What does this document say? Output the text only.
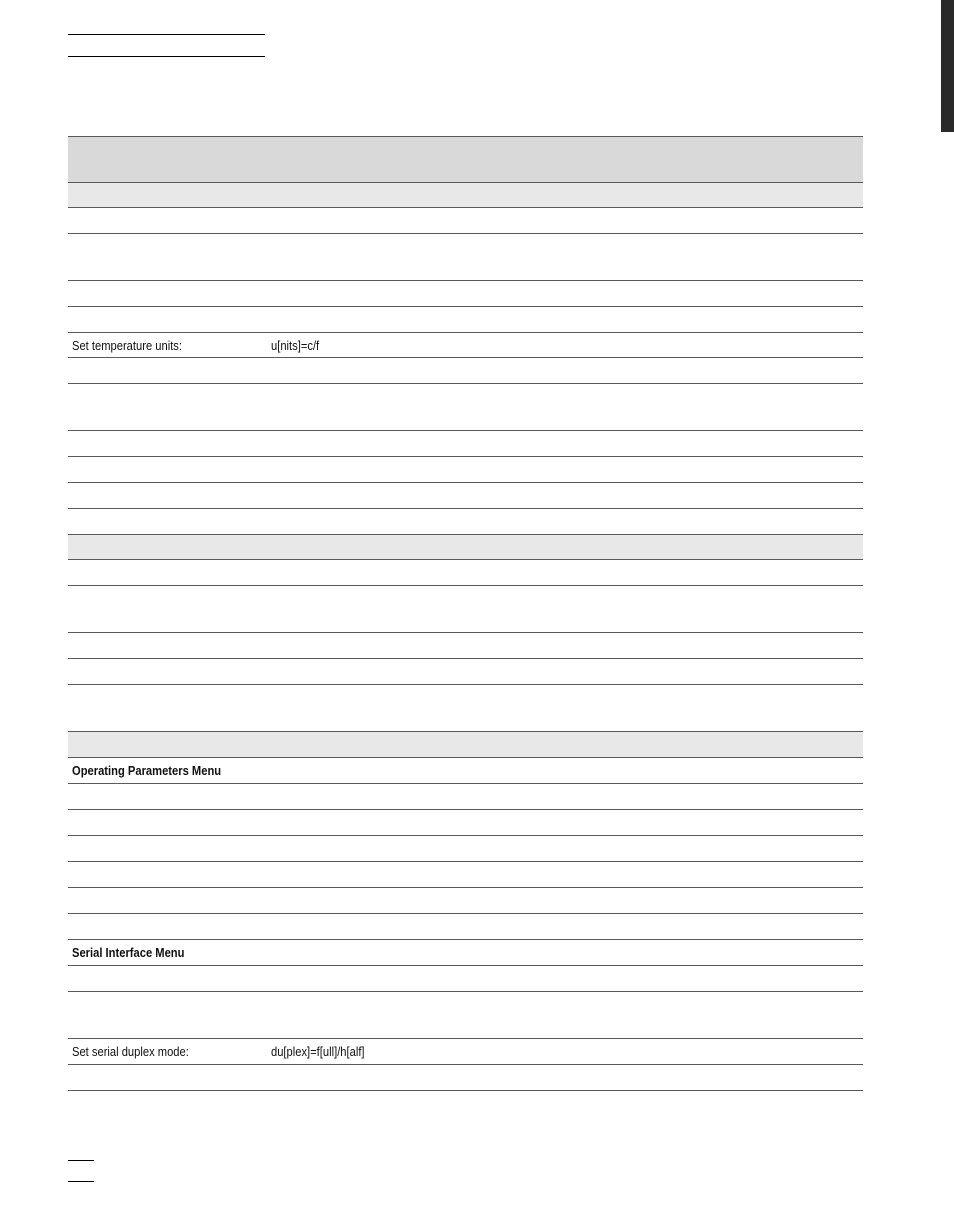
Set temperature units:	u[nits]=c/f
Operating Parameters Menu
Serial Interface Menu
Set serial duplex mode:	du[plex]=f[ull]/h[alf]
